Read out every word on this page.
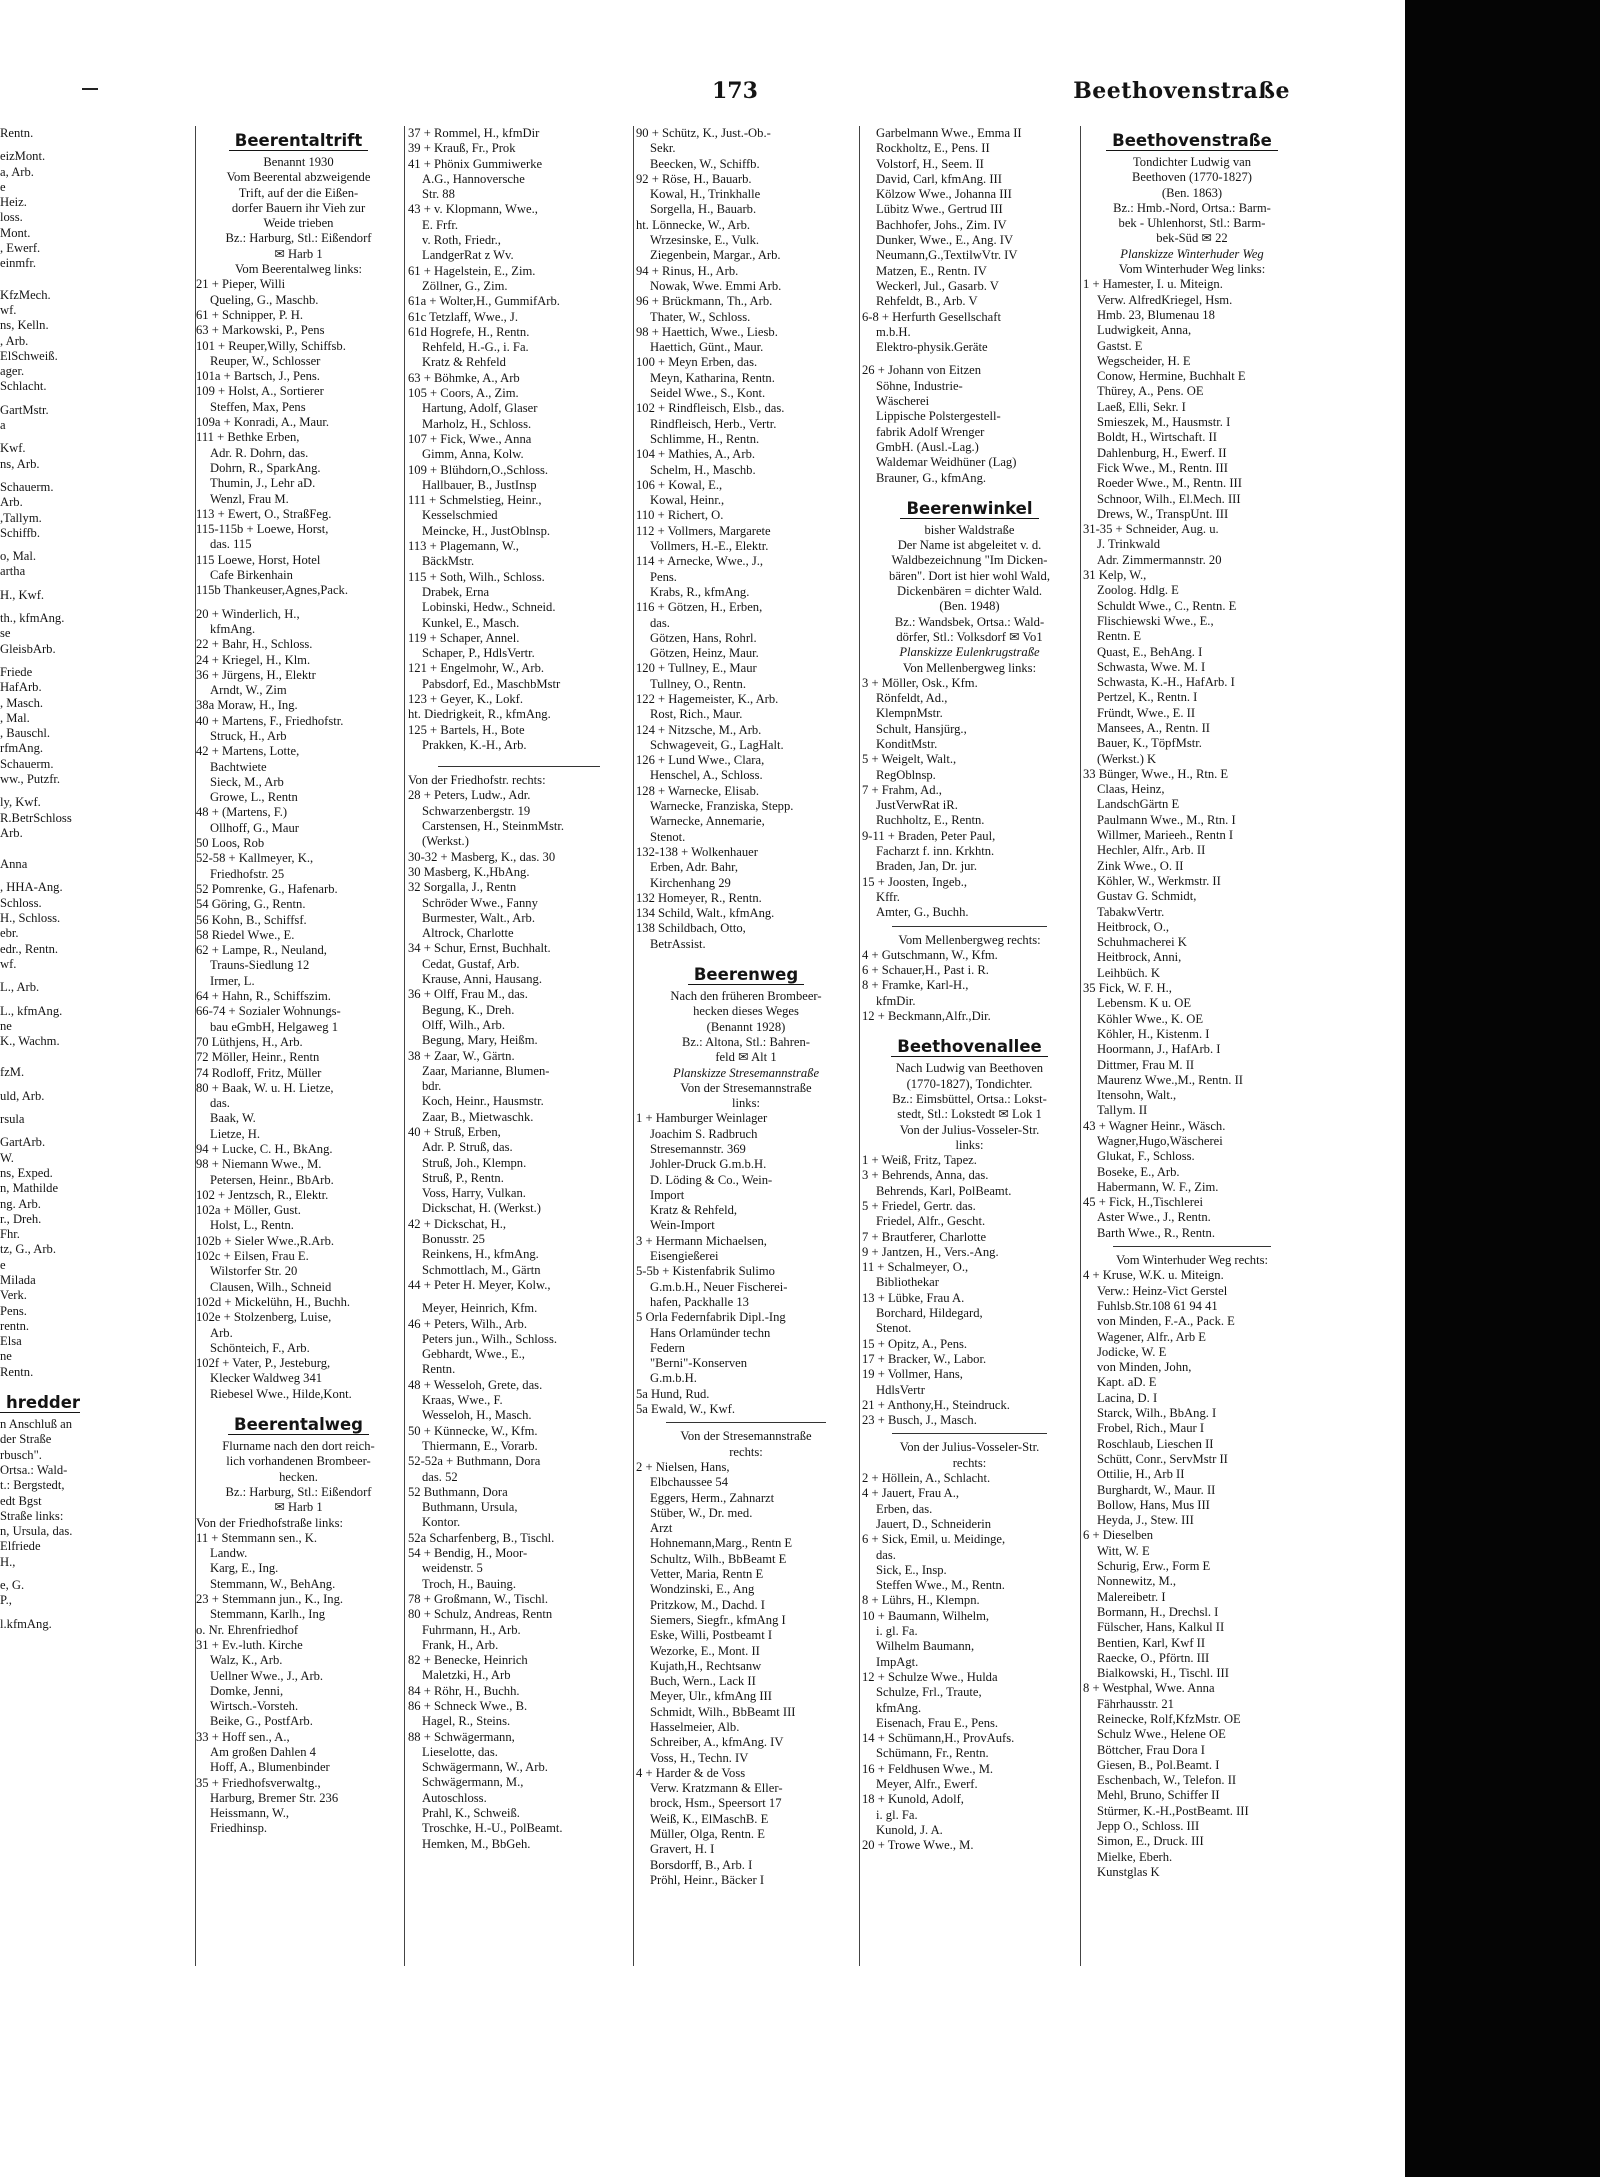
173	Beethovenstraße
Rentn.
eizMont.
a, Arb.
e
Heiz.
loss.
Mont.
, Ewerf.
einmfr.
KfzMech.
wf.
ns, Kelln.
, Arb.
ElSchweiß.
ager.
Schlacht.
GartMstr.
a
Kwf.
ns, Arb.
Schauerm.
Arb.
,Tallym.
Schiffb.
o, Mal.
artha
H., Kwf.
th., kfmAng.
se
GleisbArb.
Friede
HafArb.
, Masch.
, Mal.
, Bauschl.
rfmAng.
Schauerm.
ww., Putzfr.
ly, Kwf.
R.BetrSchloss
Arb.
Anna
, HHA-Ang.
Schloss.
H., Schloss.
ebr.
edr., Rentn.
wf.
L., Arb.
L., kfmAng.
ne
K., Wachm.
fzM.
uld, Arb.
rsula
GartArb.
W.
ns, Exped.
n, Mathilde
ng. Arb.
r., Dreh.
Fhr.
tz, G., Arb.
e
Milada
Verk.
Pens.
rentn.
Elsa
ne
Rentn.
hredder
n Anschluß an
der Straße
rbusch".
Ortsa.: Wald-
t.: Bergstedt,
edt Bgst
Straße links:
n, Ursula, das.
Elfriede
H.,
e, G.
P.,
l.kfmAng.
Beerentaltrift
Benannt 1930
Vom Beerental abzweigende
Trift, auf der die Eißen-
dorfer Bauern ihr Vieh zur
Weide trieben
Bz.: Harburg, Stl.: Eißendorf
✉ Harb 1
Vom Beerentalweg links:
21 + Pieper, Willi
Queling, G., Maschb.
61 + Schnipper, P. H.
63 + Markowski, P., Pens
101 + Reuper,Willy, Schiffsb.
Reuper, W., Schlosser
101a + Bartsch, J., Pens.
109 + Holst, A., Sortierer
Steffen, Max, Pens
109a + Konradi, A., Maur.
111 + Bethke Erben,
Adr. R. Dohrn, das.
Dohrn, R., SparkAng.
Thumin, J., Lehr aD.
Wenzl, Frau M.
113 + Ewert, O., StraßFeg.
115-115b + Loewe, Horst,
das. 115
115 Loewe, Horst, Hotel
Cafe Birkenhain
115b Thankeuser,Agnes,Pack.
20 + Winderlich, H.,
kfmAng.
22 + Bahr, H., Schloss.
24 + Kriegel, H., Klm.
36 + Jürgens, H., Elektr
Arndt, W., Zim
38a Moraw, H., Ing.
40 + Martens, F., Friedhofstr.
Struck, H., Arb
42 + Martens, Lotte,
Bachtwiete
Sieck, M., Arb
Growe, L., Rentn
48 + (Martens, F.)
Ollhoff, G., Maur
50 Loos, Rob
52-58 + Kallmeyer, K.,
Friedhofstr. 25
52 Pomrenke, G., Hafenarb.
54 Göring, G., Rentn.
56 Kohn, B., Schiffsf.
58 Riedel Wwe., E.
62 + Lampe, R., Neuland,
Trauns-Siedlung 12
Irmer, L.
64 + Hahn, R., Schiffszim.
66-74 + Sozialer Wohnungs-
bau eGmbH, Helgaweg 1
70 Lüthjens, H., Arb.
72 Möller, Heinr., Rentn
74 Rodloff, Fritz, Müller
80 + Baak, W. u. H. Lietze,
das.
Baak, W.
Lietze, H.
94 + Lucke, C. H., BkAng.
98 + Niemann Wwe., M.
Petersen, Heinr., BbArb.
102 + Jentzsch, R., Elektr.
102a + Möller, Gust.
Holst, L., Rentn.
102b + Sieler Wwe.,R.Arb.
102c + Eilsen, Frau E.
Wilstorfer Str. 20
Clausen, Wilh., Schneid
102d + Mickelühn, H., Buchh.
102e + Stolzenberg, Luise,
Arb.
Schönteich, F., Arb.
102f + Vater, P., Jesteburg,
Klecker Waldweg 341
Riebesel Wwe., Hilde,Kont.
Beerentalweg
Flurname nach den dort reich-
lich vorhandenen Brombeer-
hecken.
Bz.: Harburg, Stl.: Eißendorf
✉ Harb 1
Von der Friedhofstraße links:
11 + Stemmann sen., K.
Landw.
Karg, E., Ing.
Stemmann, W., BehAng.
23 + Stemmann jun., K., Ing.
Stemmann, Karlh., Ing
o. Nr. Ehrenfriedhof
31 + Ev.-luth. Kirche
Walz, K., Arb.
Uellner Wwe., J., Arb.
Domke, Jenni,
Wirtsch.-Vorsteh.
Beike, G., PostfArb.
33 + Hoff sen., A.,
Am großen Dahlen 4
Hoff, A., Blumenbinder
35 + Friedhofsverwaltg.,
Harburg, Bremer Str. 236
Heissmann, W.,
Friedhinsp.
37 + Rommel, H., kfmDir
39 + Krauß, Fr., Prok
41 + Phönix Gummiwerke
A.G., Hannoversche
Str. 88
43 + v. Klopmann, Wwe.,
E. Frfr.
v. Roth, Friedr.,
LandgerRat z Wv.
61 + Hagelstein, E., Zim.
Zöllner, G., Zim.
61a + Wolter,H., GummifArb.
61c Tetzlaff, Wwe., J.
61d Hogrefe, H., Rentn.
Rehfeld, H.-G., i. Fa.
Kratz & Rehfeld
63 + Böhmke, A., Arb
105 + Coors, A., Zim.
Hartung, Adolf, Glaser
Marholz, H., Schloss.
107 + Fick, Wwe., Anna
Gimm, Anna, Kolw.
109 + Blühdorn,O.,Schloss.
Hallbauer, B., JustInsp
111 + Schmelstieg, Heinr.,
Kesselschmied
Meincke, H., JustOblnsp.
113 + Plagemann, W.,
BäckMstr.
115 + Soth, Wilh., Schloss.
Drabek, Erna
Lobinski, Hedw., Schneid.
Kunkel, E., Masch.
119 + Schaper, Annel.
Schaper, P., HdlsVertr.
121 + Engelmohr, W., Arb.
Pabsdorf, Ed., MaschbMstr
123 + Geyer, K., Lokf.
ht. Diedrigkeit, R., kfmAng.
125 + Bartels, H., Bote
Prakken, K.-H., Arb.
Von der Friedhofstr. rechts:
28 + Peters, Ludw., Adr.
Schwarzenbergstr. 19
Carstensen, H., SteinmMstr.
(Werkst.)
30-32 + Masberg, K., das. 30
30 Masberg, K.,HbAng.
32 Sorgalla, J., Rentn
Schröder Wwe., Fanny
Burmester, Walt., Arb.
Altrock, Charlotte
34 + Schur, Ernst, Buchhalt.
Cedat, Gustaf, Arb.
Krause, Anni, Hausang.
36 + Olff, Frau M., das.
Begung, K., Dreh.
Olff, Wilh., Arb.
Begung, Mary, Heißm.
38 + Zaar, W., Gärtn.
Zaar, Marianne, Blumen-
bdr.
Koch, Heinr., Hausmstr.
Zaar, B., Mietwaschk.
40 + Struß, Erben,
Adr. P. Struß, das.
Struß, Joh., Klempn.
Struß, P., Rentn.
Voss, Harry, Vulkan.
Dickschat, H. (Werkst.)
42 + Dickschat, H.,
Bonusstr. 25
Reinkens, H., kfmAng.
Schmottlach, M., Gärtn
44 + Peter H. Meyer, Kolw.,
Meyer, Heinrich, Kfm.
46 + Peters, Wilh., Arb.
Peters jun., Wilh., Schloss.
Gebhardt, Wwe., E.,
Rentn.
48 + Wesseloh, Grete, das.
Kraas, Wwe., F.
Wesseloh, H., Masch.
50 + Künnecke, W., Kfm.
Thiermann, E., Vorarb.
52-52a + Buthmann, Dora
das. 52
52 Buthmann, Dora
Buthmann, Ursula,
Kontor.
52a Scharfenberg, B., Tischl.
54 + Bendig, H., Moor-
weidenstr. 5
Troch, H., Bauing.
78 + Großmann, W., Tischl.
80 + Schulz, Andreas, Rentn
Fuhrmann, H., Arb.
Frank, H., Arb.
82 + Benecke, Heinrich
Maletzki, H., Arb
84 + Röhr, H., Buchh.
86 + Schneck Wwe., B.
Hagel, R., Steins.
88 + Schwägermann,
Lieselotte, das.
Schwägermann, W., Arb.
Schwägermann, M.,
Autoschloss.
Prahl, K., Schweiß.
Troschke, H.-U., PolBeamt.
Hemken, M., BbGeh.
90 + Schütz, K., Just.-Ob.-
Sekr.
Beecken, W., Schiffb.
92 + Röse, H., Bauarb.
Kowal, H., Trinkhalle
Sorgella, H., Bauarb.
ht. Lönnecke, W., Arb.
Wrzesinske, E., Vulk.
Ziegenbein, Margar., Arb.
94 + Rinus, H., Arb.
Nowak, Wwe. Emmi Arb.
96 + Brückmann, Th., Arb.
Thater, W., Schloss.
98 + Haettich, Wwe., Liesb.
Haettich, Günt., Maur.
100 + Meyn Erben, das.
Meyn, Katharina, Rentn.
Seidel Wwe., S., Kont.
102 + Rindfleisch, Elsb., das.
Rindfleisch, Herb., Vertr.
Schlimme, H., Rentn.
104 + Mathies, A., Arb.
Schelm, H., Maschb.
106 + Kowal, E.,
Kowal, Heinr.,
110 + Richert, O.
112 + Vollmers, Margarete
Vollmers, H.-E., Elektr.
114 + Arnecke, Wwe., J.,
Pens.
Krabs, R., kfmAng.
116 + Götzen, H., Erben,
das.
Götzen, Hans, Rohrl.
Götzen, Heinz, Maur.
120 + Tullney, E., Maur
Tullney, O., Rentn.
122 + Hagemeister, K., Arb.
Rost, Rich., Maur.
124 + Nitzsche, M., Arb.
Schwageveit, G., LagHalt.
126 + Lund Wwe., Clara,
Henschel, A., Schloss.
128 + Warnecke, Elisab.
Warnecke, Franziska, Stepp.
Warnecke, Annemarie,
Stenot.
132-138 + Wolkenhauer
Erben, Adr. Bahr,
Kirchenhang 29
132 Homeyer, R., Rentn.
134 Schild, Walt., kfmAng.
138 Schildbach, Otto,
BetrAssist.
Beerenweg
Nach den früheren Brombeer-
hecken dieses Weges
(Benannt 1928)
Bz.: Altona, Stl.: Bahren-
feld ✉ Alt 1
Planskizze Stresemannstraße
Von der Stresemannstraße
links:
1 + Hamburger Weinlager
Joachim S. Radbruch
Stresemannstr. 369
Johler-Druck G.m.b.H.
D. Löding & Co., Wein-
Import
Kratz & Rehfeld,
Wein-Import
3 + Hermann Michaelsen,
Eisengießerei
5-5b + Kistenfabrik Sulimo
G.m.b.H., Neuer Fischerei-
hafen, Packhalle 13
5 Orla Federnfabrik Dipl.-Ing
Hans Orlamünder techn
Federn
"Berni"-Konserven
G.m.b.H.
5a Hund, Rud.
5a Ewald, W., Kwf.
Von der Stresemannstraße
rechts:
2 + Nielsen, Hans,
Elbchaussee 54
Eggers, Herm., Zahnarzt
Stüber, W., Dr. med.
Arzt
Hohnemann,Marg., Rentn E
Schultz, Wilh., BbBeamt E
Vetter, Maria, Rentn E
Wondzinski, E., Ang
Pritzkow, M., Dachd. I
Siemers, Siegfr., kfmAng I
Eske, Willi, Postbeamt I
Wezorke, E., Mont. II
Kujath,H., Rechtsanw
Buch, Wern., Lack II
Meyer, Ulr., kfmAng III
Schmidt, Wilh., BbBeamt III
Hasselmeier, Alb.
Schreiber, A., kfmAng. IV
Voss, H., Techn. IV
4 + Harder & de Voss
Verw. Kratzmann & Eller-
brock, Hsm., Speersort 17
Weiß, K., ElMaschB. E
Müller, Olga, Rentn. E
Gravert, H. I
Borsdorff, B., Arb. I
Pröhl, Heinr., Bäcker I
Garbelmann Wwe., Emma II
Rockholtz, E., Pens. II
Volstorf, H., Seem. II
David, Carl, kfmAng. III
Kölzow Wwe., Johanna III
Lübitz Wwe., Gertrud III
Bachhofer, Johs., Zim. IV
Dunker, Wwe., E., Ang. IV
Neumann,G.,TextilwVtr. IV
Matzen, E., Rentn. IV
Weckerl, Jul., Gasarb. V
Rehfeldt, B., Arb. V
6-8 + Herfurth Gesellschaft
m.b.H.
Elektro-physik.Geräte
26 + Johann von Eitzen
Söhne, Industrie-
Wäscherei
Lippische Polstergestell-
fabrik Adolf Wrenger
GmbH. (Ausl.-Lag.)
Waldemar Weidhüner (Lag)
Brauner, G., kfmAng.
Beerenwinkel
bisher Waldstraße
Der Name ist abgeleitet v. d.
Waldbezeichnung "Im Dicken-
bären". Dort ist hier wohl Wald,
Dickenbären = dichter Wald.
(Ben. 1948)
Bz.: Wandsbek, Ortsa.: Wald-
dörfer, Stl.: Volksdorf ✉ Vo1
Planskizze Eulenkrugstraße
Von Mellenbergweg links:
3 + Möller, Osk., Kfm.
Rönfeldt, Ad.,
KlempnMstr.
Schult, Hansjürg.,
KonditMstr.
5 + Weigelt, Walt.,
RegOblnsp.
7 + Frahm, Ad.,
JustVerwRat iR.
Ruchholtz, E., Rentn.
9-11 + Braden, Peter Paul,
Facharzt f. inn. Krkhtn.
Braden, Jan, Dr. jur.
15 + Joosten, Ingeb.,
Kffr.
Amter, G., Buchh.
Vom Mellenbergweg rechts:
4 + Gutschmann, W., Kfm.
6 + Schauer,H., Past i. R.
8 + Framke, Karl-H.,
kfmDir.
12 + Beckmann,Alfr.,Dir.
Beethovenallee
Nach Ludwig van Beethoven
(1770-1827), Tondichter.
Bz.: Eimsbüttel, Ortsa.: Lokst-
stedt, Stl.: Lokstedt ✉ Lok 1
Von der Julius-Vosseler-Str.
links:
1 + Weiß, Fritz, Tapez.
3 + Behrends, Anna, das.
Behrends, Karl, PolBeamt.
5 + Friedel, Gertr. das.
Friedel, Alfr., Gescht.
7 + Brautferer, Charlotte
9 + Jantzen, H., Vers.-Ang.
11 + Schalmeyer, O.,
Bibliothekar
13 + Lübke, Frau A.
Borchard, Hildegard,
Stenot.
15 + Opitz, A., Pens.
17 + Bracker, W., Labor.
19 + Vollmer, Hans,
HdlsVertr
21 + Anthony,H., Steindruck.
23 + Busch, J., Masch.
Von der Julius-Vosseler-Str.
rechts:
2 + Höllein, A., Schlacht.
4 + Jauert, Frau A.,
Erben, das.
Jauert, D., Schneiderin
6 + Sick, Emil, u. Meidinge,
das.
Sick, E., Insp.
Steffen Wwe., M., Rentn.
8 + Lührs, H., Klempn.
10 + Baumann, Wilhelm,
i. gl. Fa.
Wilhelm Baumann,
ImpAgt.
12 + Schulze Wwe., Hulda
Schulze, Frl., Traute,
kfmAng.
Eisenach, Frau E., Pens.
14 + Schümann,H., ProvAufs.
Schümann, Fr., Rentn.
16 + Feldhusen Wwe., M.
Meyer, Alfr., Ewerf.
18 + Kunold, Adolf,
i. gl. Fa.
Kunold, J. A.
20 + Trowe Wwe., M.
Beethovenstraße
Tondichter Ludwig van
Beethoven (1770-1827)
(Ben. 1863)
Bz.: Hmb.-Nord, Ortsa.: Barm-
bek - Uhlenhorst, Stl.: Barm-
bek-Süd ✉ 22
Planskizze Winterhuder Weg
Vom Winterhuder Weg links:
1 + Hamester, I. u. Miteign.
Verw. AlfredKriegel, Hsm.
Hmb. 23, Blumenau 18
Ludwigkeit, Anna,
Gastst. E
Wegscheider, H. E
Conow, Hermine, Buchhalt E
Thürey, A., Pens. OE
Laeß, Elli, Sekr. I
Smieszek, M., Hausmstr. I
Boldt, H., Wirtschaft. II
Dahlenburg, H., Ewerf. II
Fick Wwe., M., Rentn. III
Roeder Wwe., M., Rentn. III
Schnoor, Wilh., El.Mech. III
Drews, W., TranspUnt. III
31-35 + Schneider, Aug. u.
J. Trinkwald
Adr. Zimmermannstr. 20
31 Kelp, W.,
Zoolog. Hdlg. E
Schuldt Wwe., C., Rentn. E
Flischiewski Wwe., E.,
Rentn. E
Quast, E., BehAng. I
Schwasta, Wwe. M. I
Schwasta, K.-H., HafArb. I
Pertzel, K., Rentn. I
Fründt, Wwe., E. II
Mansees, A., Rentn. II
Bauer, K., TöpfMstr.
(Werkst.) K
33 Bünger, Wwe., H., Rtn. E
Claas, Heinz,
LandschGärtn E
Paulmann Wwe., M., Rtn. I
Willmer, Marieeh., Rentn I
Hechler, Alfr., Arb. II
Zink Wwe., O. II
Köhler, W., Werkmstr. II
Gustav G. Schmidt,
TabakwVertr.
Heitbrock, O.,
Schuhmacherei K
Heitbrock, Anni,
Leihbüch. K
35 Fick, W. F. H.,
Lebensm. K u. OE
Köhler Wwe., K. OE
Köhler, H., Kistenm. I
Hoormann, J., HafArb. I
Dittmer, Frau M. II
Maurenz Wwe.,M., Rentn. II
Itensohn, Walt.,
Tallym. II
43 + Wagner Heinr., Wäsch.
Wagner,Hugo,Wäscherei
Glukat, F., Schloss.
Boseke, E., Arb.
Habermann, W. F., Zim.
45 + Fick, H.,Tischlerei
Aster Wwe., J., Rentn.
Barth Wwe., R., Rentn.
Vom Winterhuder Weg rechts:
4 + Kruse, W.K. u. Miteign.
Verw.: Heinz-Vict Gerstel
Fuhlsb.Str.108 61 94 41
von Minden, F.-A., Pack. E
Wagener, Alfr., Arb E
Jodicke, W. E
von Minden, John,
Kapt. aD. E
Lacina, D. I
Starck, Wilh., BbAng. I
Frobel, Rich., Maur I
Roschlaub, Lieschen II
Schütt, Conr., ServMstr II
Ottilie, H., Arb II
Burghardt, W., Maur. II
Bollow, Hans, Mus III
Heyda, J., Stew. III
6 + Dieselben
Witt, W. E
Schurig, Erw., Form E
Nonnewitz, M.,
Malereibetr. I
Bormann, H., Drechsl. I
Fülscher, Hans, Kalkul II
Bentien, Karl, Kwf II
Raecke, O., Pförtn. III
Bialkowski, H., Tischl. III
8 + Westphal, Wwe. Anna
Fährhausstr. 21
Reinecke, Rolf,KfzMstr. OE
Schulz Wwe., Helene OE
Böttcher, Frau Dora I
Giesen, B., Pol.Beamt. I
Eschenbach, W., Telefon. II
Mehl, Bruno, Schiffer II
Stürmer, K.-H.,PostBeamt. III
Jepp O., Schloss. III
Simon, E., Druck. III
Mielke, Eberh.
Kunstglas K
